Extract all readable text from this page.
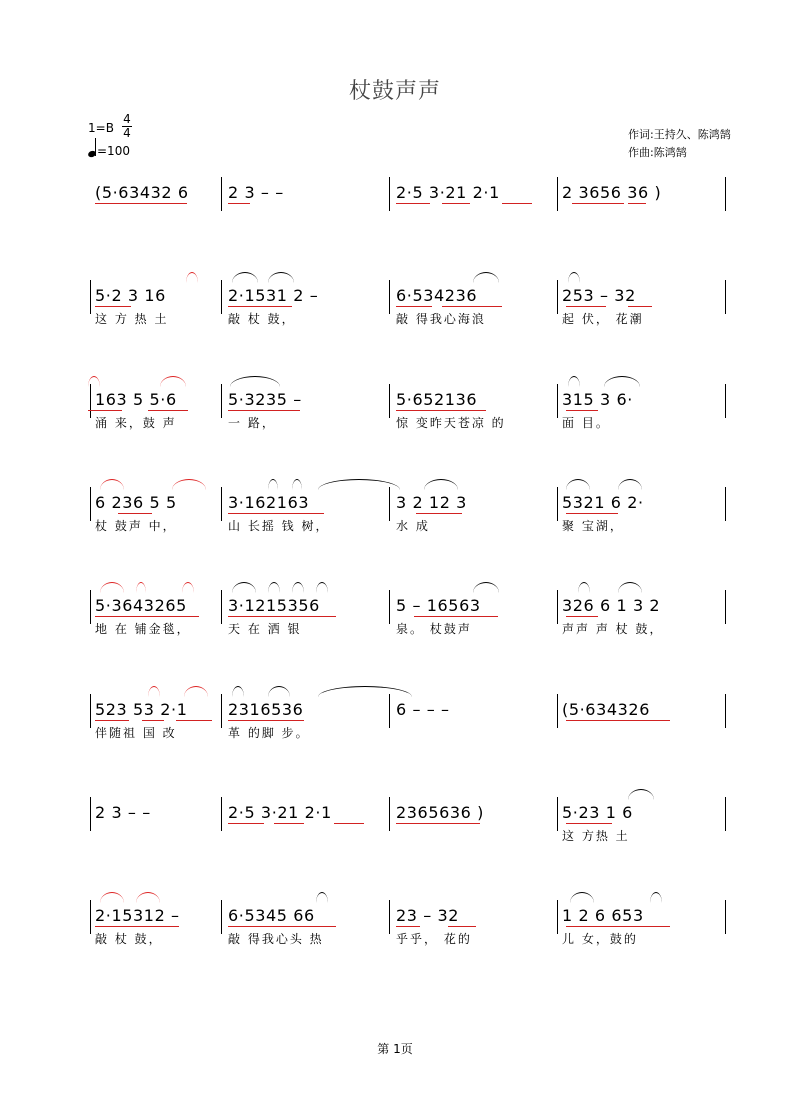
杖鼓声声
1=B
4
4
=100
作词:王持久、陈鸿鹄
作曲:陈鸿鹄
(5·63432 6 2 3 – –	2·5 3·21 2·1	2 3656 36 )
5·2 3 16
这 方 热 土
2·1531 2 –
敲 杖 鼓，
6·534236
敲 得我心海浪
253 – 32
起 伏， 花潮
163 5 5·6
涌 来，鼓 声
5·3235 –
一 路，
5·652136
惊 变昨天苍凉 的
315 3 6·
面 目。
6 236 5 5
杖 鼓声 中，
3·162163
山 长摇 钱 树，
3 2 12 3
水 成
5321 6 2·
聚 宝湖，
5·3643265
地 在 铺金毯，
3·1215356
天 在 洒 银
5 – 16563
泉。 杖鼓声
326 6 1 3 2
声声 声 杖 鼓，
523 53 2·1
伴随祖 国 改
2316536
革 的脚 步。
6 – – –	(5·634326
2 3 – –	2·5 3·21 2·1	2365636 )	5·23 1 6
这 方热 土
2·15312 –
敲 杖 鼓，
6·5345 66
敲 得我心头 热
23 – 32
乎乎， 花的
1 2 6 653
儿 女，鼓的
第 1页
